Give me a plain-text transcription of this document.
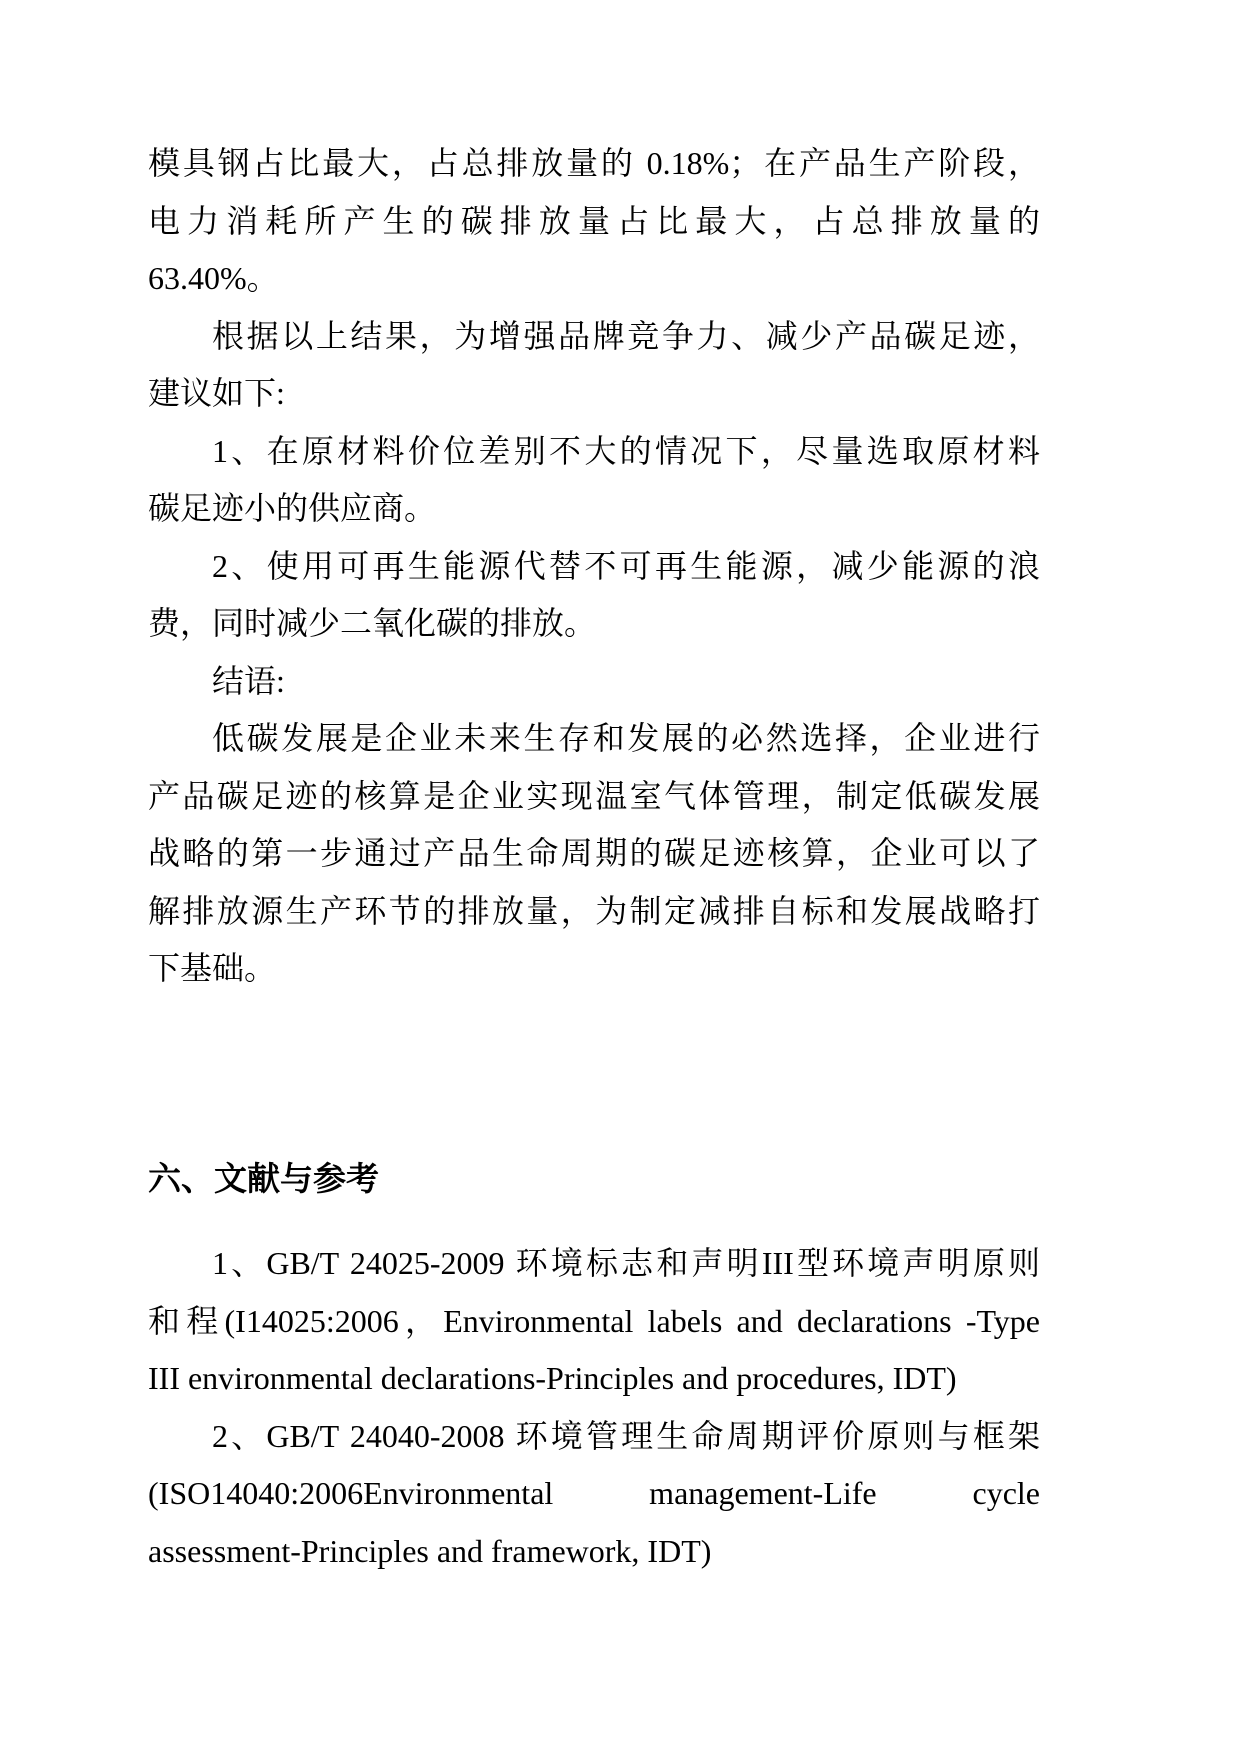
模具钢占比最大，占总排放量的 0.18%；在产品生产阶段，
电力消耗所产生的碳排放量占比最大，占总排放量的
63.40%。
根据以上结果，为增强品牌竞争力、减少产品碳足迹，
建议如下:
1、在原材料价位差别不大的情况下，尽量选取原材料
碳足迹小的供应商。
2、使用可再生能源代替不可再生能源，减少能源的浪
费，同时减少二氧化碳的排放。
结语:
低碳发展是企业未来生存和发展的必然选择，企业进行
产品碳足迹的核算是企业实现温室气体管理，制定低碳发展
战略的第一步通过产品生命周期的碳足迹核算，企业可以了
解排放源生产环节的排放量，为制定减排自标和发展战略打
下基础。
六、文献与参考
1、GB/T 24025-2009 环境标志和声明III型环境声明原则
和程(I14025:2006，Environmental labels and declarations -Type
III environmental declarations-Principles and procedures, IDT)
2、GB/T 24040-2008 环境管理生命周期评价原则与框架
(ISO14040:2006Environmental management-Life cycle
assessment-Principles and framework, IDT)
